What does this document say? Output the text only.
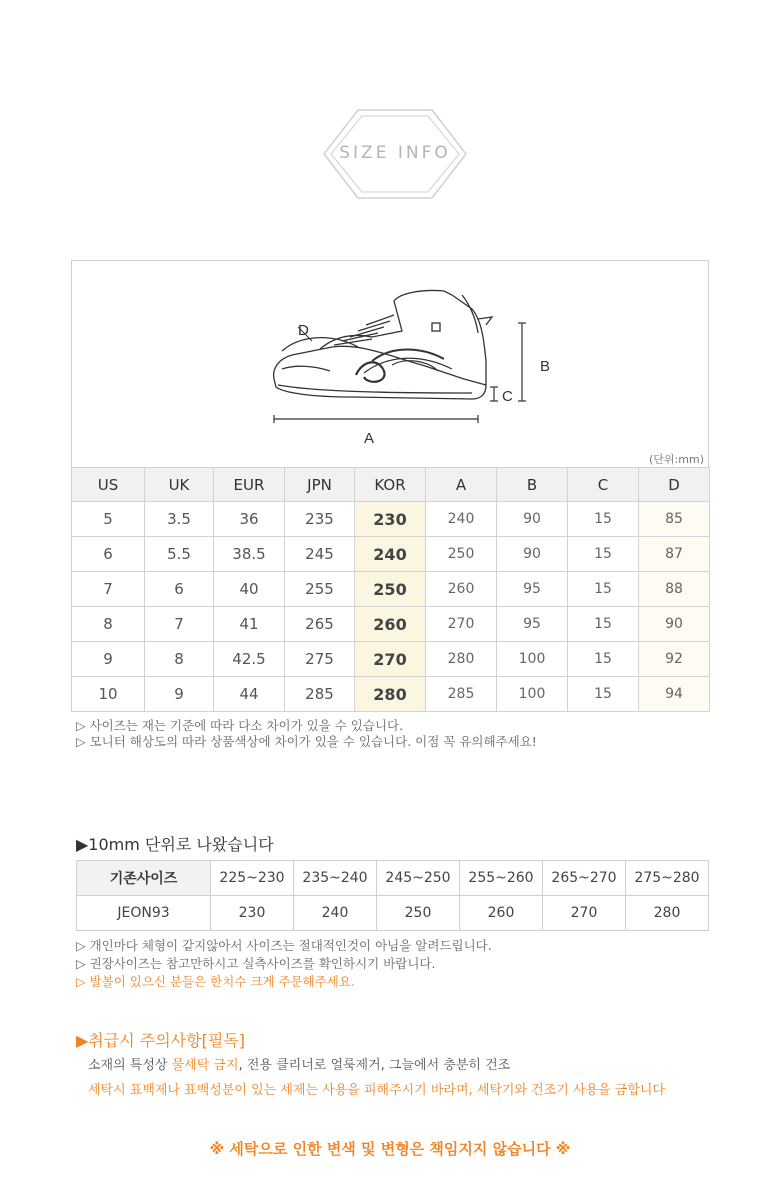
SIZE INFO
A
B
C
D
(단위:mm)
US	UK	EUR	JPN	KOR	A	B	C	D
5	3.5	36	235	230	240	90	15	85
6	5.5	38.5	245	240	250	90	15	87
7	6	40	255	250	260	95	15	88
8	7	41	265	260	270	95	15	90
9	8	42.5	275	270	280	100	15	92
10	9	44	285	280	285	100	15	94
▷ 사이즈는 재는 기준에 따라 다소 차이가 있을 수 있습니다.
▷ 모니터 해상도의 따라 상품색상에 차이가 있을 수 있습니다. 이점 꼭 유의해주세요!
▶10mm 단위로 나왔습니다
기존사이즈	225~230	235~240	245~250	255~260	265~270	275~280
JEON93	230	240	250	260	270	280
▷ 개인마다 체형이 같지않아서 사이즈는 절대적인것이 아님을 알려드립니다.
▷ 권장사이즈는 참고만하시고 실측사이즈를 확인하시기 바랍니다.
▷ 발볼이 있으신 분들은 한치수 크게 주문해주세요.
▶취급시 주의사항[필독]
소재의 특성상 물세탁 금지, 전용 클리너로 얼룩제거, 그늘에서 충분히 건조
세탁시 표백제나 표백성분이 있는 세제는 사용을 피해주시기 바라며, 세탁기와 건조기 사용을 금합니다
※ 세탁으로 인한 변색 및 변형은 책임지지 않습니다 ※
